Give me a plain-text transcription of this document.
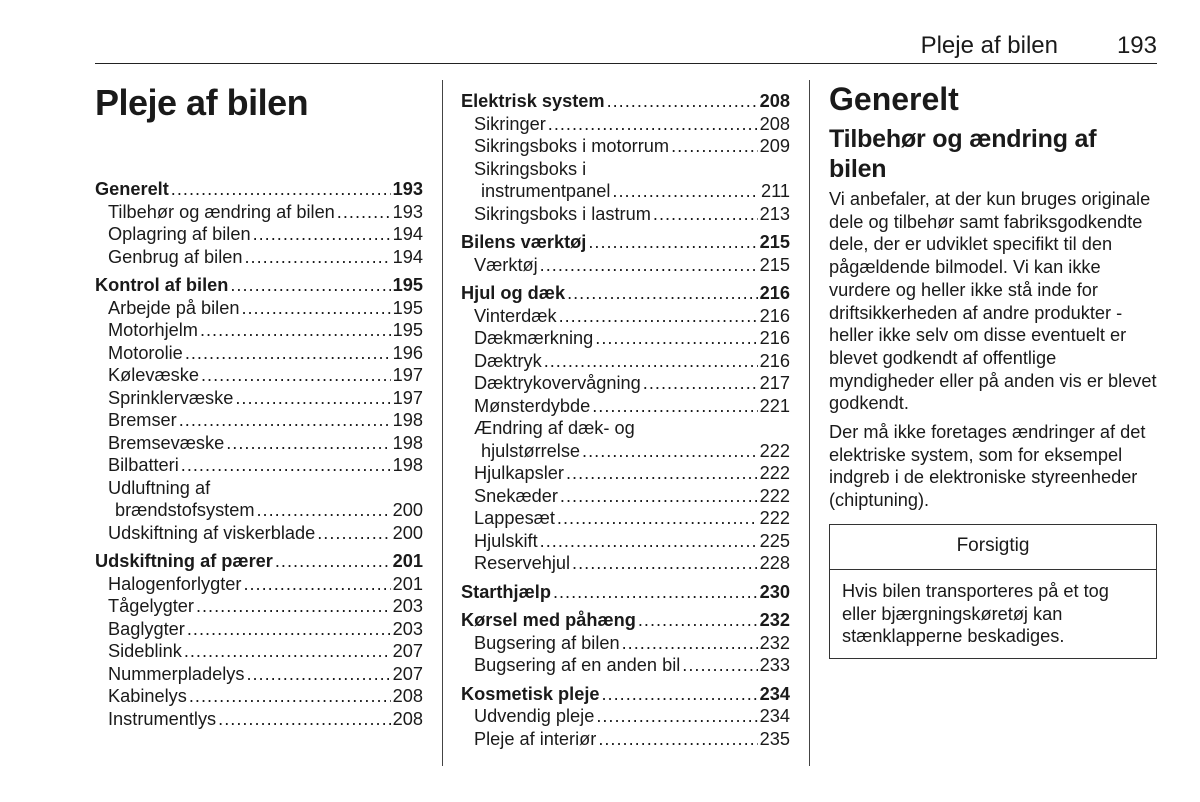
Pleje af bilen	193
Pleje af bilen
Generelt .....	193
Tilbehør og ændring af bilen .....	193
Oplagring af bilen .....	194
Genbrug af bilen .....	194
Kontrol af bilen .....	195
Arbejde på bilen .....	195
Motorhjelm .....	195
Motorolie .....	196
Kølevæske .....	197
Sprinklervæske .....	197
Bremser .....	198
Bremsevæske .....	198
Bilbatteri .....	198
Udluftning af
brændstofsystem .....	200
Udskiftning af viskerblade .....	200
Udskiftning af pærer .....	201
Halogenforlygter .....	201
Tågelygter .....	203
Baglygter .....	203
Sideblink .....	207
Nummerpladelys .....	207
Kabinelys .....	208
Instrumentlys .....	208
Elektrisk system .....	208
Sikringer .....	208
Sikringsboks i motorrum .....	209
Sikringsboks i
instrumentpanel .....	211
Sikringsboks i lastrum .....	213
Bilens værktøj .....	215
Værktøj .....	215
Hjul og dæk .....	216
Vinterdæk .....	216
Dækmærkning .....	216
Dæktryk .....	216
Dæktrykovervågning .....	217
Mønsterdybde .....	221
Ændring af dæk- og
hjulstørrelse .....	222
Hjulkapsler .....	222
Snekæder .....	222
Lappesæt .....	222
Hjulskift .....	225
Reservehjul .....	228
Starthjælp .....	230
Kørsel med påhæng .....	232
Bugsering af bilen .....	232
Bugsering af en anden bil .....	233
Kosmetisk pleje .....	234
Udvendig pleje .....	234
Pleje af interiør .....	235
Generelt
Tilbehør og ændring af bilen

Vi anbefaler, at der kun bruges originale dele og tilbehør samt fabriksgodkendte dele, der er udviklet specifikt til den pågældende bilmodel. Vi kan ikke vurdere og heller ikke stå inde for driftsikkerheden af andre produkter - heller ikke selv om disse eventuelt er blevet godkendt af offentlige myndigheder eller på anden vis er blevet godkendt.

Der må ikke foretages ændringer af det elektriske system, som for eksempel indgreb i de elektroniske styreenheder (chiptuning).

Forsigtig
Hvis bilen transporteres på et tog eller bjærgningskøretøj kan stænklapperne beskadiges.
